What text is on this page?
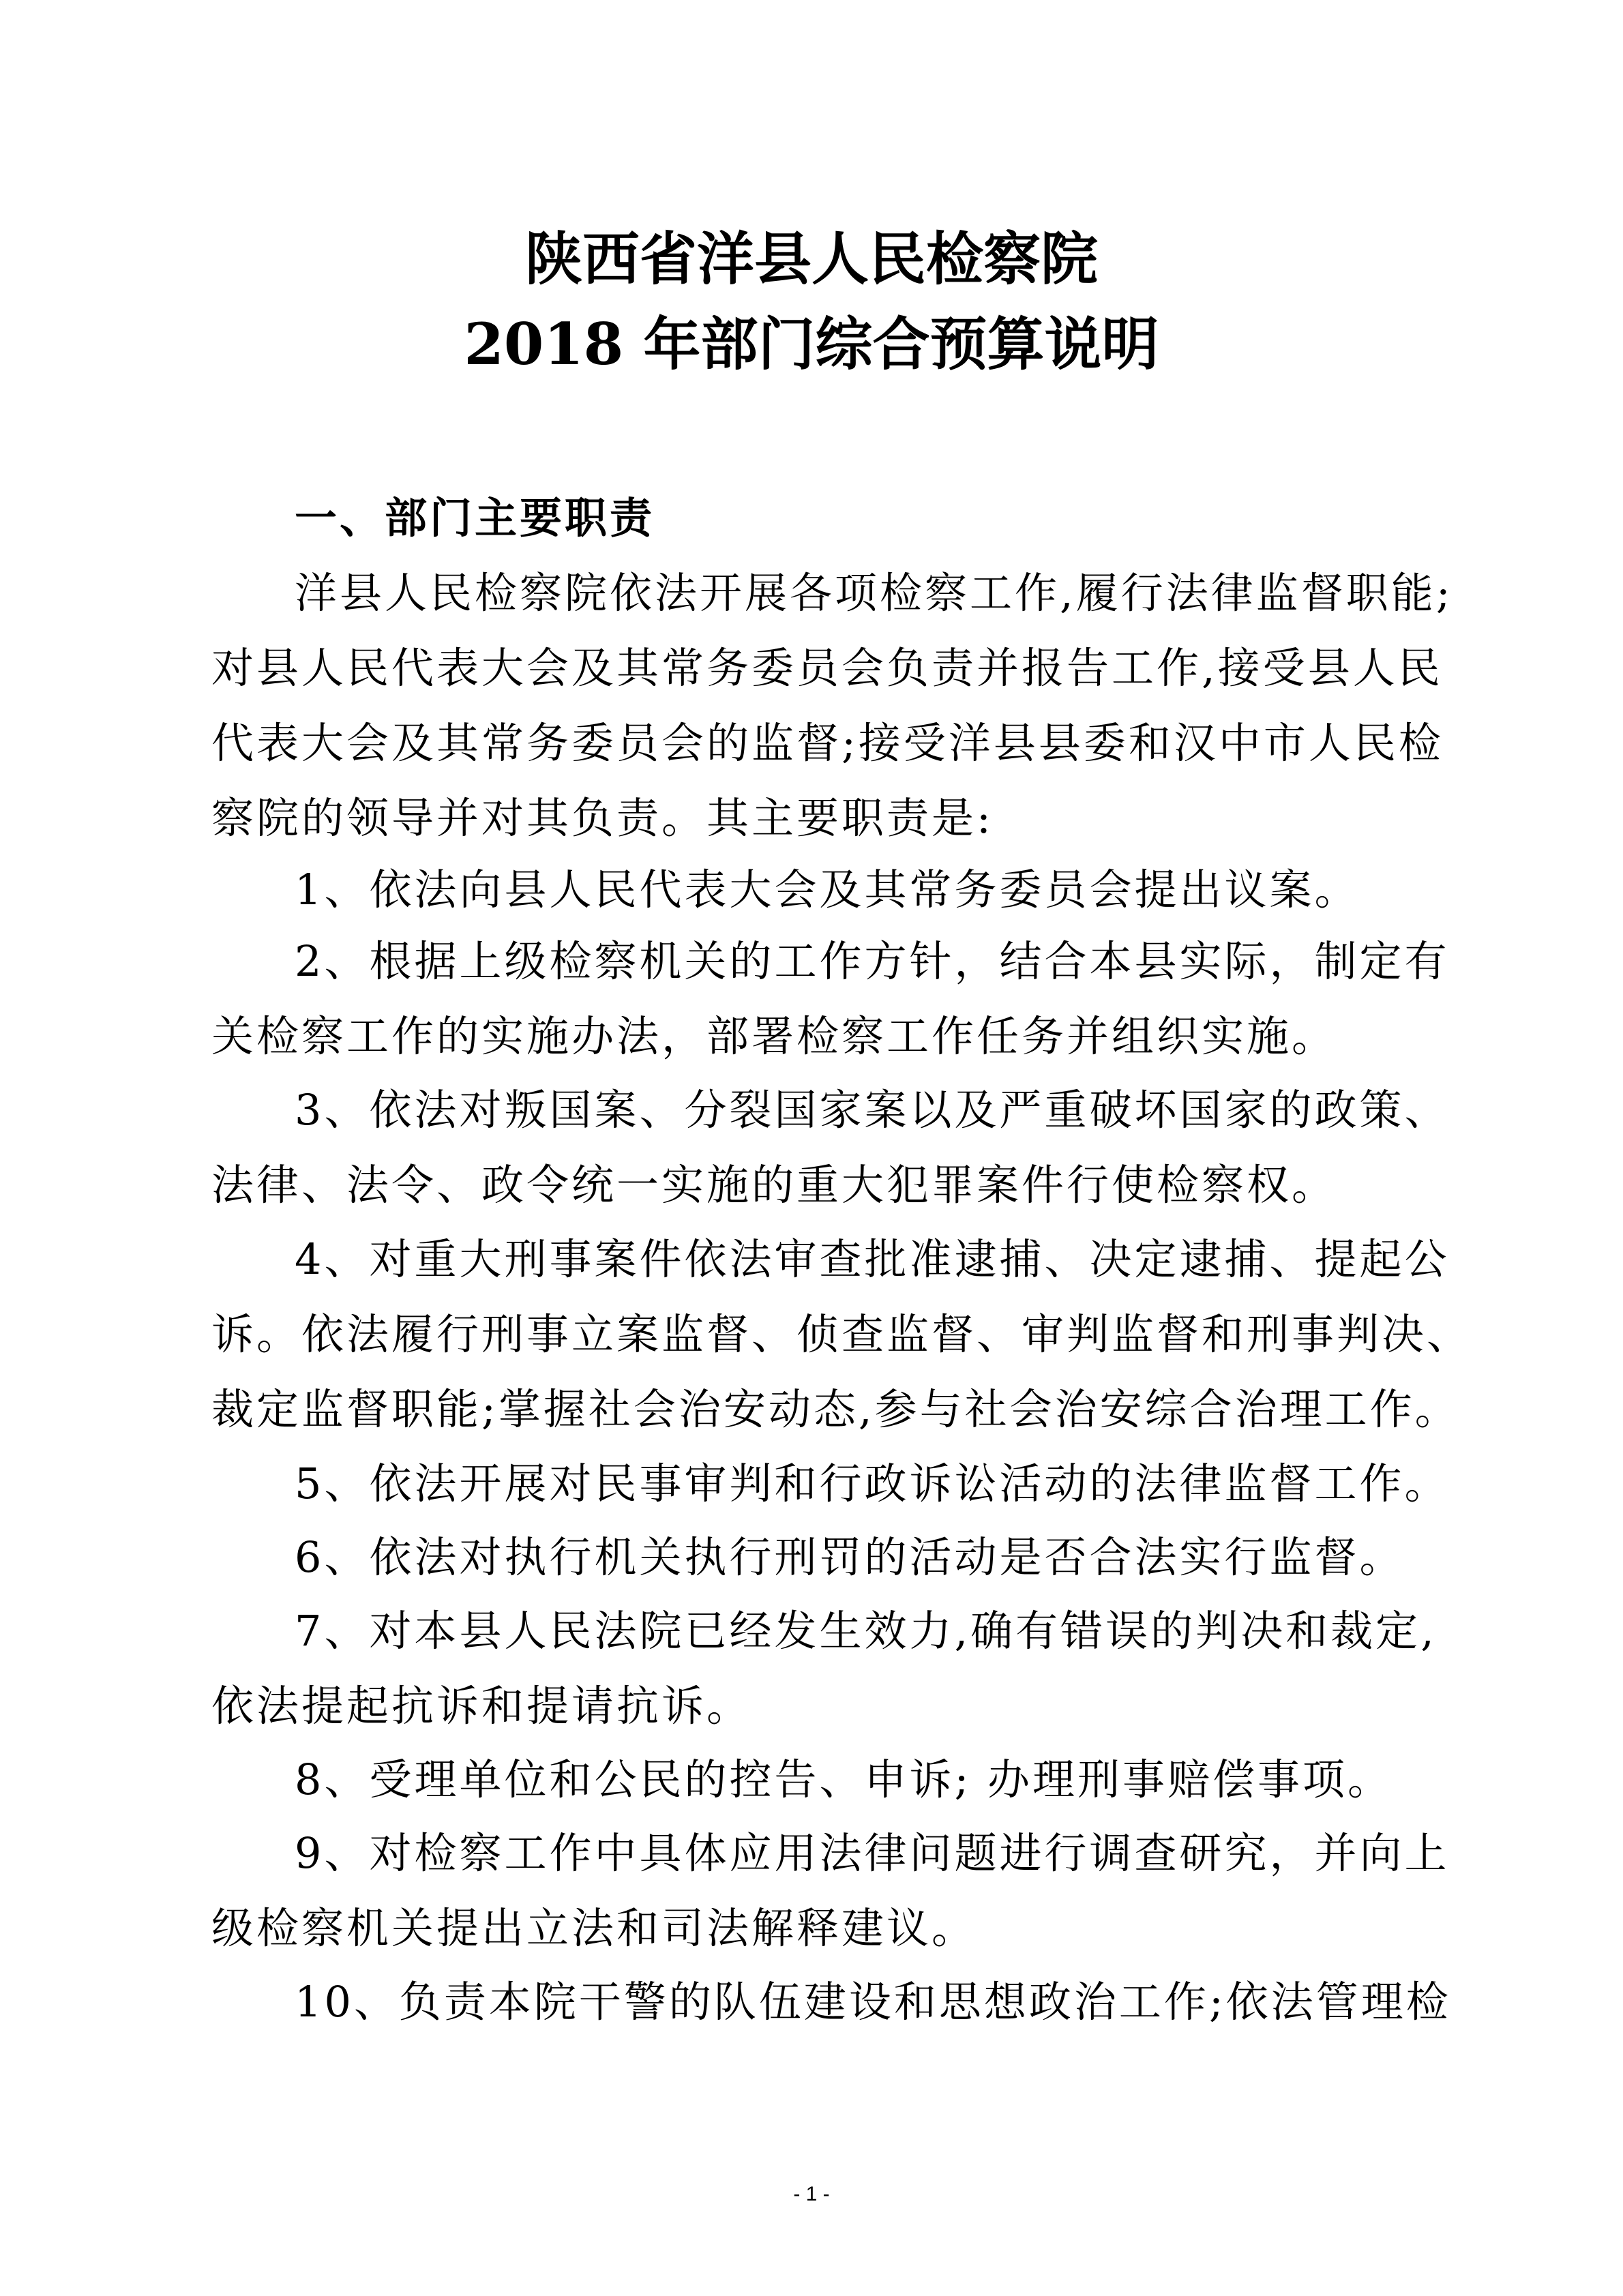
陕西省洋县人民检察院
2018 年部门综合预算说明
一、部门主要职责
洋县人民检察院依法开展各项检察工作,履行法律监督职能;
对县人民代表大会及其常务委员会负责并报告工作,接受县人民
代表大会及其常务委员会的监督;接受洋县县委和汉中市人民检
察院的领导并对其负责。其主要职责是:
1、依法向县人民代表大会及其常务委员会提出议案。
2、根据上级检察机关的工作方针，结合本县实际，制定有
关检察工作的实施办法，部署检察工作任务并组织实施。
3、依法对叛国案、分裂国家案以及严重破坏国家的政策、
法律、法令、政令统一实施的重大犯罪案件行使检察权。
4、对重大刑事案件依法审查批准逮捕、决定逮捕、提起公
诉。依法履行刑事立案监督、侦查监督、审判监督和刑事判决、
裁定监督职能;掌握社会治安动态,参与社会治安综合治理工作。
5、依法开展对民事审判和行政诉讼活动的法律监督工作。
6、依法对执行机关执行刑罚的活动是否合法实行监督。
7、对本县人民法院已经发生效力,确有错误的判决和裁定,
依法提起抗诉和提请抗诉。
8、受理单位和公民的控告、申诉; 办理刑事赔偿事项。
9、对检察工作中具体应用法律问题进行调查研究，并向上
级检察机关提出立法和司法解释建议。
10、负责本院干警的队伍建设和思想政治工作;依法管理检
- 1 -
